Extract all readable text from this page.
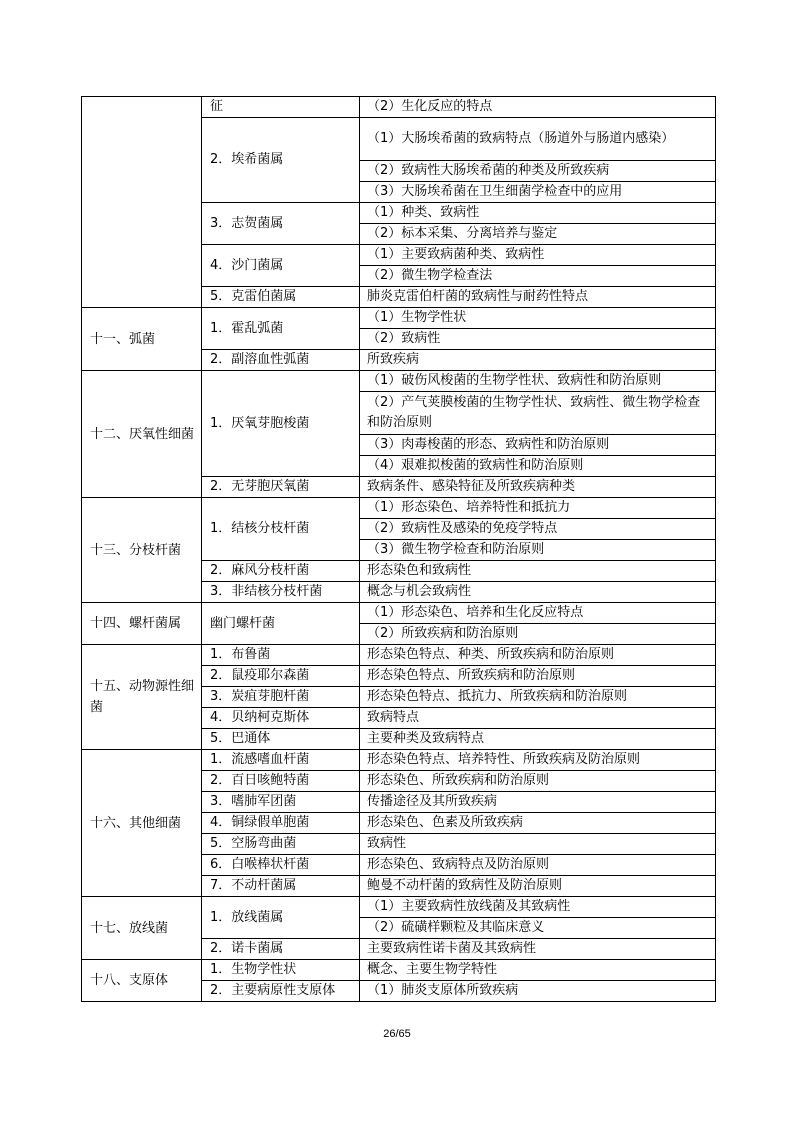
	征	（2）生化反应的特点
	2．埃希菌属	（1）大肠埃希菌的致病特点（肠道外与肠道内感染）
		（2）致病性大肠埃希菌的种类及所致疾病
		（3）大肠埃希菌在卫生细菌学检查中的应用
	3．志贺菌属	（1）种类、致病性
		（2）标本采集、分离培养与鉴定
	4．沙门菌属	（1）主要致病菌种类、致病性
		（2）微生物学检查法
	5．克雷伯菌属	肺炎克雷伯杆菌的致病性与耐药性特点
十一、弧菌	1．霍乱弧菌	（1）生物学性状
		（2）致病性
	2．副溶血性弧菌	所致疾病
十二、厌氧性细菌	1．厌氧芽胞梭菌	（1）破伤风梭菌的生物学性状、致病性和防治原则
		（2）产气荚膜梭菌的生物学性状、致病性、微生物学检查和防治原则
		（3）肉毒梭菌的形态、致病性和防治原则
		（4）艰难拟梭菌的致病性和防治原则
	2．无芽胞厌氧菌	致病条件、感染特征及所致疾病种类
十三、分枝杆菌	1．结核分枝杆菌	（1）形态染色、培养特性和抵抗力
		（2）致病性及感染的免疫学特点
		（3）微生物学检查和防治原则
	2．麻风分枝杆菌	形态染色和致病性
	3．非结核分枝杆菌	概念与机会致病性
十四、螺杆菌属	幽门螺杆菌	（1）形态染色、培养和生化反应特点
		（2）所致疾病和防治原则
十五、动物源性细菌	1．布鲁菌	形态染色特点、种类、所致疾病和防治原则
	2．鼠疫耶尔森菌	形态染色特点、所致疾病和防治原则
	3．炭疽芽胞杆菌	形态染色特点、抵抗力、所致疾病和防治原则
	4．贝纳柯克斯体	致病特点
	5．巴通体	主要种类及致病特点
十六、其他细菌	1．流感嗜血杆菌	形态染色特点、培养特性、所致疾病及防治原则
	2．百日咳鲍特菌	形态染色、所致疾病和防治原则
	3．嗜肺军团菌	传播途径及其所致疾病
	4．铜绿假单胞菌	形态染色、色素及所致疾病
	5．空肠弯曲菌	致病性
	6．白喉棒状杆菌	形态染色、致病特点及防治原则
	7．不动杆菌属	鲍曼不动杆菌的致病性及防治原则
十七、放线菌	1．放线菌属	（1）主要致病性放线菌及其致病性
		（2）硫磺样颗粒及其临床意义
	2．诺卡菌属	主要致病性诺卡菌及其致病性
十八、支原体	1．生物学性状	概念、主要生物学特性
	2．主要病原性支原体	（1）肺炎支原体所致疾病
26/65
